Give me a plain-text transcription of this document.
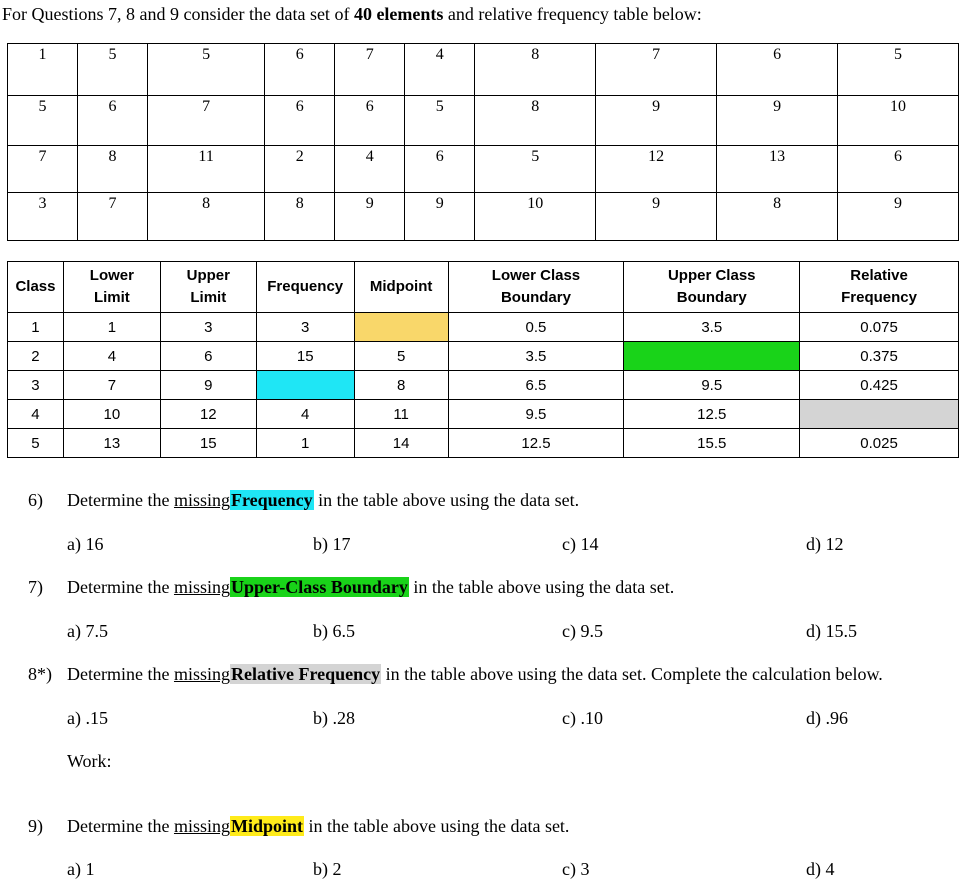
For Questions 7, 8 and 9 consider the data set of 40 elements and relative frequency table below:
1	5	5	6	7	4	8	7	6	5
5	6	7	6	6	5	8	9	9	10
7	8	11	2	4	6	5	12	13	6
3	7	8	8	9	9	10	9	8	9
Class	Lower Limit	Upper Limit	Frequency	Midpoint	Lower Class Boundary	Upper Class Boundary	Relative Frequency
1	1	3	3		0.5	3.5	0.075
2	4	6	15	5	3.5		0.375
3	7	9		8	6.5	9.5	0.425
4	10	12	4	11	9.5	12.5	
5	13	15	1	14	12.5	15.5	0.025
6) Determine the missingFrequency in the table above using the data set.
a) 16	b) 17	c) 14	d) 12
7) Determine the missingUpper-Class Boundary in the table above using the data set.
a) 7.5	b) 6.5	c) 9.5	d) 15.5
8*) Determine the missingRelative Frequency in the table above using the data set. Complete the calculation below.
a) .15	b) .28	c) .10	d) .96
Work:
9) Determine the missingMidpoint in the table above using the data set.
a) 1	b) 2	c) 3	d) 4
